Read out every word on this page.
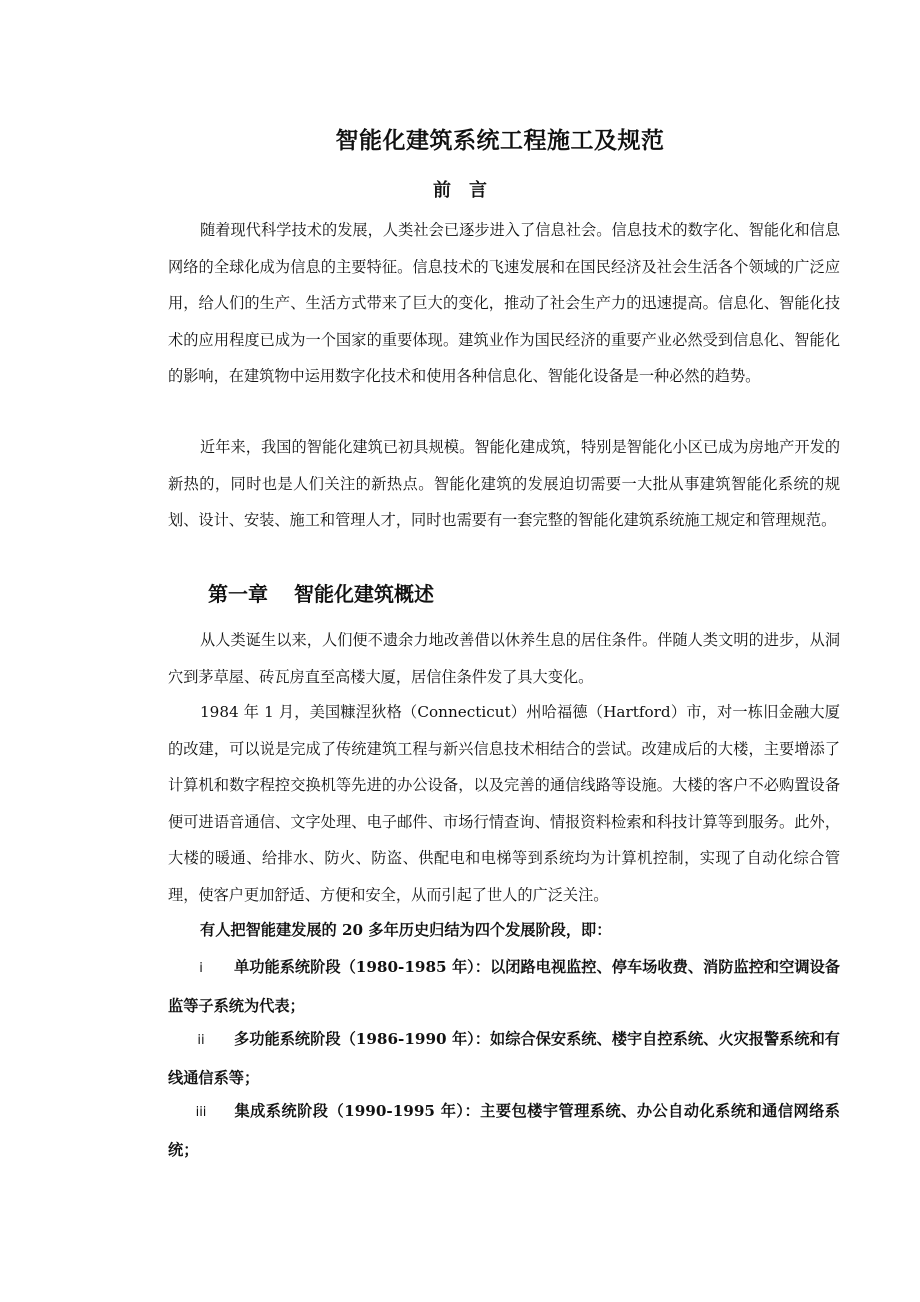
智能化建筑系统工程施工及规范
前　言

随着现代科学技术的发展，人类社会已逐步进入了信息社会。信息技术的数字化、智能化和信息网络的全球化成为信息的主要特征。信息技术的飞速发展和在国民经济及社会生活各个领域的广泛应用，给人们的生产、生活方式带来了巨大的变化，推动了社会生产力的迅速提高。信息化、智能化技术的应用程度已成为一个国家的重要体现。建筑业作为国民经济的重要产业必然受到信息化、智能化的影响，在建筑物中运用数字化技术和使用各种信息化、智能化设备是一种必然的趋势。

近年来，我国的智能化建筑已初具规模。智能化建成筑，特别是智能化小区已成为房地产开发的新热的，同时也是人们关注的新热点。智能化建筑的发展迫切需要一大批从事建筑智能化系统的规划、设计、安装、施工和管理人才，同时也需要有一套完整的智能化建筑系统施工规定和管理规范。

第一章 智能化建筑概述

从人类诞生以来，人们便不遗余力地改善借以休养生息的居住条件。伴随人类文明的进步，从洞穴到茅草屋、砖瓦房直至高楼大厦，居信住条件发了具大变化。

1984 年 1 月，美国糠涅狄格（Connecticut）州哈福德（Hartford）市，对一栋旧金融大厦的改建，可以说是完成了传统建筑工程与新兴信息技术相结合的尝试。改建成后的大楼，主要增添了计算机和数字程控交换机等先进的办公设备，以及完善的通信线路等设施。大楼的客户不必购置设备便可进语音通信、文字处理、电子邮件、市场行情查询、情报资料检索和科技计算等到服务。此外，大楼的暖通、给排水、防火、防盗、供配电和电梯等到系统均为计算机控制，实现了自动化综合管理，使客户更加舒适、方便和安全，从而引起了世人的广泛关注。

有人把智能建发展的 20 多年历史归结为四个发展阶段，即：

i 单功能系统阶段（1980-1985 年）：以闭路电视监控、停车场收费、消防监控和空调设备监等子系统为代表；

ii 多功能系统阶段（1986-1990 年）：如综合保安系统、楼宇自控系统、火灾报警系统和有线通信系等；

iii 集成系统阶段（1990-1995 年）：主要包楼宇管理系统、办公自动化系统和通信网络系统；
